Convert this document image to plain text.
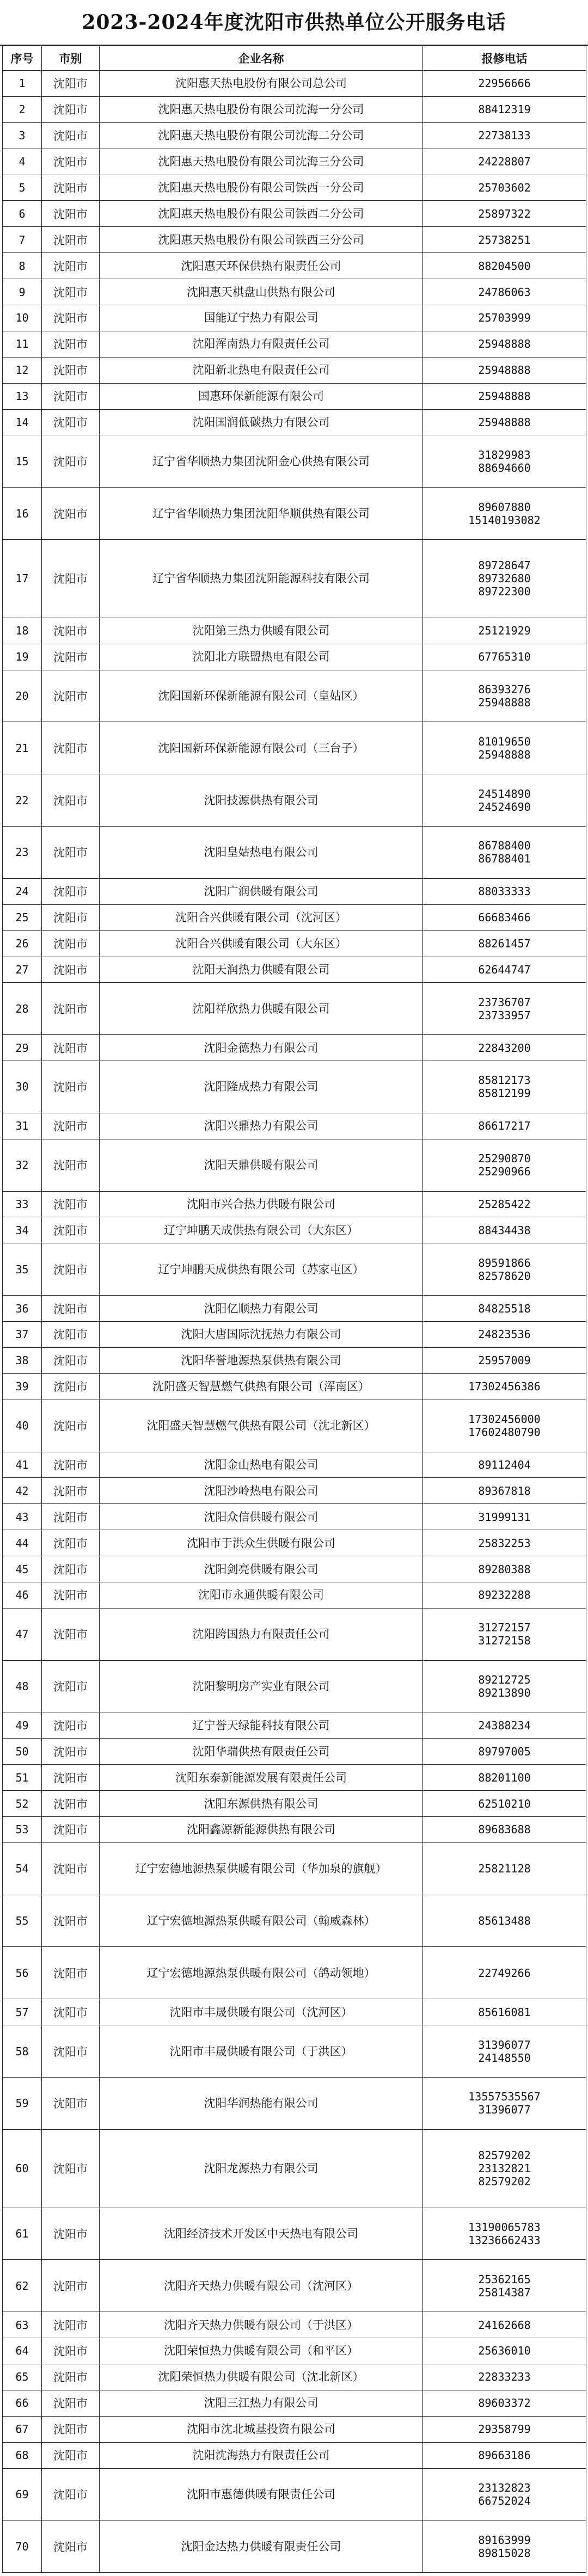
2023-2024年度沈阳市供热单位公开服务电话
序号	市别	企业名称	报修电话
1	沈阳市	沈阳惠天热电股份有限公司总公司	22956666

2	沈阳市	沈阳惠天热电股份有限公司沈海一分公司	88412319

3	沈阳市	沈阳惠天热电股份有限公司沈海二分公司	22738133

4	沈阳市	沈阳惠天热电股份有限公司沈海三分公司	24228807

5	沈阳市	沈阳惠天热电股份有限公司铁西一分公司	25703602

6	沈阳市	沈阳惠天热电股份有限公司铁西二分公司	25897322

7	沈阳市	沈阳惠天热电股份有限公司铁西三分公司	25738251

8	沈阳市	沈阳惠天环保供热有限责任公司	88204500

9	沈阳市	沈阳惠天棋盘山供热有限公司	24786063

10	沈阳市	国能辽宁热力有限公司	25703999

11	沈阳市	沈阳浑南热力有限责任公司	25948888

12	沈阳市	沈阳新北热电有限责任公司	25948888

13	沈阳市	国惠环保新能源有限公司	25948888

14	沈阳市	沈阳国润低碳热力有限公司	25948888

15	沈阳市	辽宁省华顺热力集团沈阳金心供热有限公司	31829983
88694660

16	沈阳市	辽宁省华顺热力集团沈阳华顺供热有限公司	89607880
15140193082

17	沈阳市	辽宁省华顺热力集团沈阳能源科技有限公司	89728647
89732680
89722300

18	沈阳市	沈阳第三热力供暖有限公司	25121929

19	沈阳市	沈阳北方联盟热电有限公司	67765310

20	沈阳市	沈阳国新环保新能源有限公司（皇姑区）	86393276
25948888

21	沈阳市	沈阳国新环保新能源有限公司（三台子）	81019650
25948888

22	沈阳市	沈阳技源供热有限公司	24514890
24524690

23	沈阳市	沈阳皇姑热电有限公司	86788400
86788401

24	沈阳市	沈阳广润供暖有限公司	88033333

25	沈阳市	沈阳合兴供暖有限公司（沈河区）	66683466

26	沈阳市	沈阳合兴供暖有限公司（大东区）	88261457

27	沈阳市	沈阳天润热力供暖有限公司	62644747

28	沈阳市	沈阳祥欣热力供暖有限公司	23736707
23733957

29	沈阳市	沈阳金德热力有限公司	22843200

30	沈阳市	沈阳隆成热力有限公司	85812173
85812199

31	沈阳市	沈阳兴鼎热力有限公司	86617217

32	沈阳市	沈阳天鼎供暖有限公司	25290870
25290966

33	沈阳市	沈阳市兴合热力供暖有限公司	25285422

34	沈阳市	辽宁坤鹏天成供热有限公司（大东区）	88434438

35	沈阳市	辽宁坤鹏天成供热有限公司（苏家屯区）	89591866
82578620

36	沈阳市	沈阳亿顺热力有限公司	84825518

37	沈阳市	沈阳大唐国际沈抚热力有限公司	24823536

38	沈阳市	沈阳华誉地源热泵供热有限公司	25957009

39	沈阳市	沈阳盛天智慧燃气供热有限公司（浑南区）	17302456386

40	沈阳市	沈阳盛天智慧燃气供热有限公司（沈北新区）	17302456000
17602480790

41	沈阳市	沈阳金山热电有限公司	89112404

42	沈阳市	沈阳沙岭热电有限公司	89367818

43	沈阳市	沈阳众信供暖有限公司	31999131

44	沈阳市	沈阳市于洪众生供暖有限公司	25832253

45	沈阳市	沈阳剑亮供暖有限公司	89280388

46	沈阳市	沈阳市永通供暖有限公司	89232288

47	沈阳市	沈阳跨国热力有限责任公司	31272157
31272158

48	沈阳市	沈阳黎明房产实业有限公司	89212725
89213890

49	沈阳市	辽宁誉天绿能科技有限公司	24388234

50	沈阳市	沈阳华瑞供热有限责任公司	89797005

51	沈阳市	沈阳东泰新能源发展有限责任公司	88201100

52	沈阳市	沈阳东源供热有限公司	62510210

53	沈阳市	沈阳鑫源新能源供热有限公司	89683688

54	沈阳市	辽宁宏德地源热泵供暖有限公司（华加泉的旗舰）	25821128

55	沈阳市	辽宁宏德地源热泵供暖有限公司（翰威森林）	85613488

56	沈阳市	辽宁宏德地源热泵供暖有限公司（鸽动领地）	22749266

57	沈阳市	沈阳市丰晟供暖有限公司（沈河区）	85616081

58	沈阳市	沈阳市丰晟供暖有限公司（于洪区）	31396077
24148550

59	沈阳市	沈阳华润热能有限公司	13557535567
31396077

60	沈阳市	沈阳龙源热力有限公司	82579202
23132821
82579202

61	沈阳市	沈阳经济技术开发区中天热电有限公司	13190065783
13236662433

62	沈阳市	沈阳齐天热力供暖有限公司（沈河区）	25362165
25814387

63	沈阳市	沈阳齐天热力供暖有限公司（于洪区）	24162668

64	沈阳市	沈阳荣恒热力供暖有限公司（和平区）	25636010

65	沈阳市	沈阳荣恒热力供暖有限公司（沈北新区）	22833233

66	沈阳市	沈阳三江热力有限公司	89603372

67	沈阳市	沈阳市沈北城基投资有限公司	29358799

68	沈阳市	沈阳沈海热力有限责任公司	89663186

69	沈阳市	沈阳市惠德供暖有限责任公司	23132823
66752024

70	沈阳市	沈阳金达热力供暖有限责任公司	89163999
89815028
